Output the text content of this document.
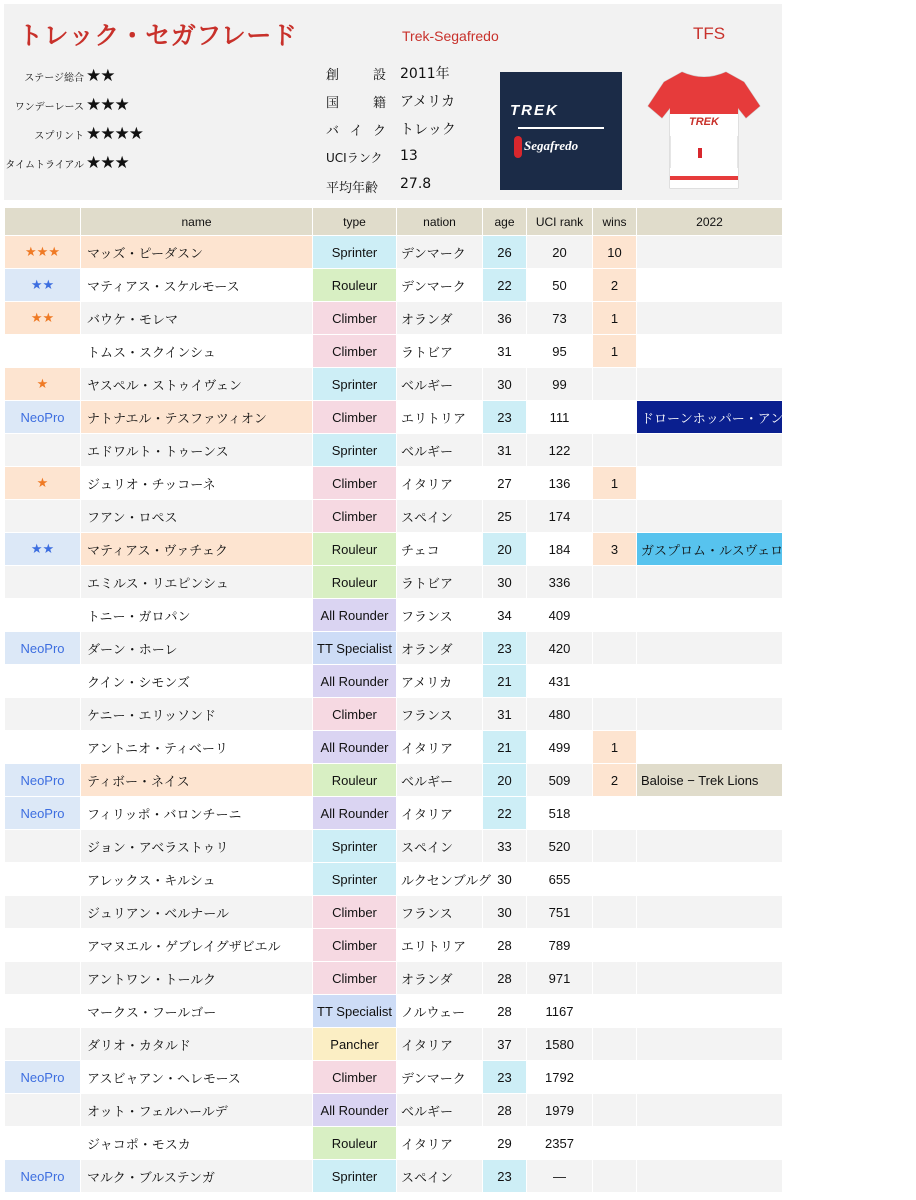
トレック・セガフレード	Trek-Segafredo	TFS
ステージ総合 ★★
ワンデーレース ★★★
スプリント ★★★★
タイムトライアル ★★★
創設 2011年
国籍 アメリカ
バイク トレック
UCIランク 13
平均年齢	27.8
TREK
Segafredo
TREK
	name	type	nation	age	UCI rank	wins	2022
★★★	マッズ・ピーダスン	Sprinter	デンマーク	26	20	10	
★★	マティアス・スケルモース	Rouleur	デンマーク	22	50	2	
★★	バウケ・モレマ	Climber	オランダ	36	73	1	
	トムス・スクインシュ	Climber	ラトビア	31	95	1	
★	ヤスペル・ストゥイヴェン	Sprinter	ベルギー	30	99		
NeoPro	ナトナエル・テスファツィオン	Climber	エリトリア	23	111		ドローンホッパー・アンドローニ ジョカットリ
	エドワルト・トゥーンス	Sprinter	ベルギー	31	122		
★	ジュリオ・チッコーネ	Climber	イタリア	27	136	1	
	フアン・ロペス	Climber	スペイン	25	174		
★★	マティアス・ヴァチェク	Rouleur	チェコ	20	184	3	ガスプロム・ルスヴェロ
	エミルス・リエピンシュ	Rouleur	ラトビア	30	336		
	トニー・ガロパン	All Rounder	フランス	34	409		
NeoPro	ダーン・ホーレ	TT Specialist	オランダ	23	420		
	クイン・シモンズ	All Rounder	アメリカ	21	431		
	ケニー・エリッソンド	Climber	フランス	31	480		
	アントニオ・ティベーリ	All Rounder	イタリア	21	499	1	
NeoPro	ティボー・ネイス	Rouleur	ベルギー	20	509	2	Baloise − Trek Lions
NeoPro	フィリッポ・バロンチーニ	All Rounder	イタリア	22	518		
	ジョン・アベラストゥリ	Sprinter	スペイン	33	520		
	アレックス・キルシュ	Sprinter	ルクセンブルグ	30	655		
	ジュリアン・ベルナール	Climber	フランス	30	751		
	アマヌエル・ゲブレイグザビエル	Climber	エリトリア	28	789		
	アントワン・トールク	Climber	オランダ	28	971		
	マークス・フールゴー	TT Specialist	ノルウェー	28	1167		
	ダリオ・カタルド	Pancher	イタリア	37	1580		
NeoPro	アスビャアン・ヘレモース	Climber	デンマーク	23	1792		
	オット・フェルハールデ	All Rounder	ベルギー	28	1979		
	ジャコポ・モスカ	Rouleur	イタリア	29	2357		
NeoPro	マルク・ブルステンガ	Sprinter	スペイン	23	—		
